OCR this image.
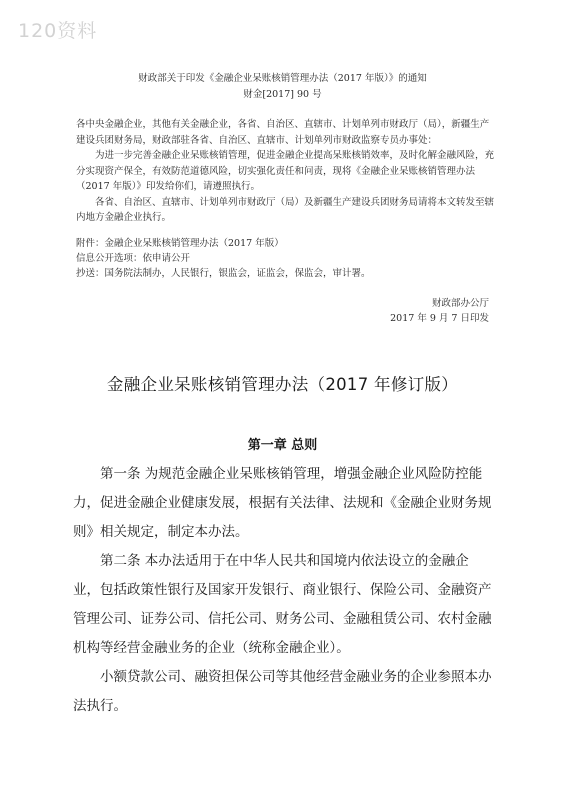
120资料
财政部关于印发《金融企业呆账核销管理办法（2017 年版）》的通知
财金[2017] 90 号

各中央金融企业，其他有关金融企业，各省、自治区、直辖市、计划单列市财政厅（局），新疆生产建设兵团财务局，财政部驻各省、自治区、直辖市、计划单列市财政监察专员办事处：

为进一步完善金融企业呆账核销管理，促进金融企业提高呆账核销效率，及时化解金融风险，充分实现资产保全，有效防范道德风险，切实强化责任和问责，现将《金融企业呆账核销管理办法（2017 年版）》印发给你们，请遵照执行。

各省、自治区、直辖市、计划单列市财政厅（局）及新疆生产建设兵团财务局请将本文转发至辖内地方金融企业执行。

附件：金融企业呆账核销管理办法（2017 年版）
信息公开选项：依申请公开
抄送：国务院法制办，人民银行，银监会，证监会，保监会，审计署。
财政部办公厅
2017 年 9 月 7 日印发
金融企业呆账核销管理办法（2017 年修订版）
第一章 总则

第一条 为规范金融企业呆账核销管理，增强金融企业风险防控能力，促进金融企业健康发展，根据有关法律、法规和《金融企业财务规则》相关规定，制定本办法。

第二条 本办法适用于在中华人民共和国境内依法设立的金融企业，包括政策性银行及国家开发银行、商业银行、保险公司、金融资产管理公司、证券公司、信托公司、财务公司、金融租赁公司、农村金融机构等经营金融业务的企业（统称金融企业）。

小额贷款公司、融资担保公司等其他经营金融业务的企业参照本办法执行。
